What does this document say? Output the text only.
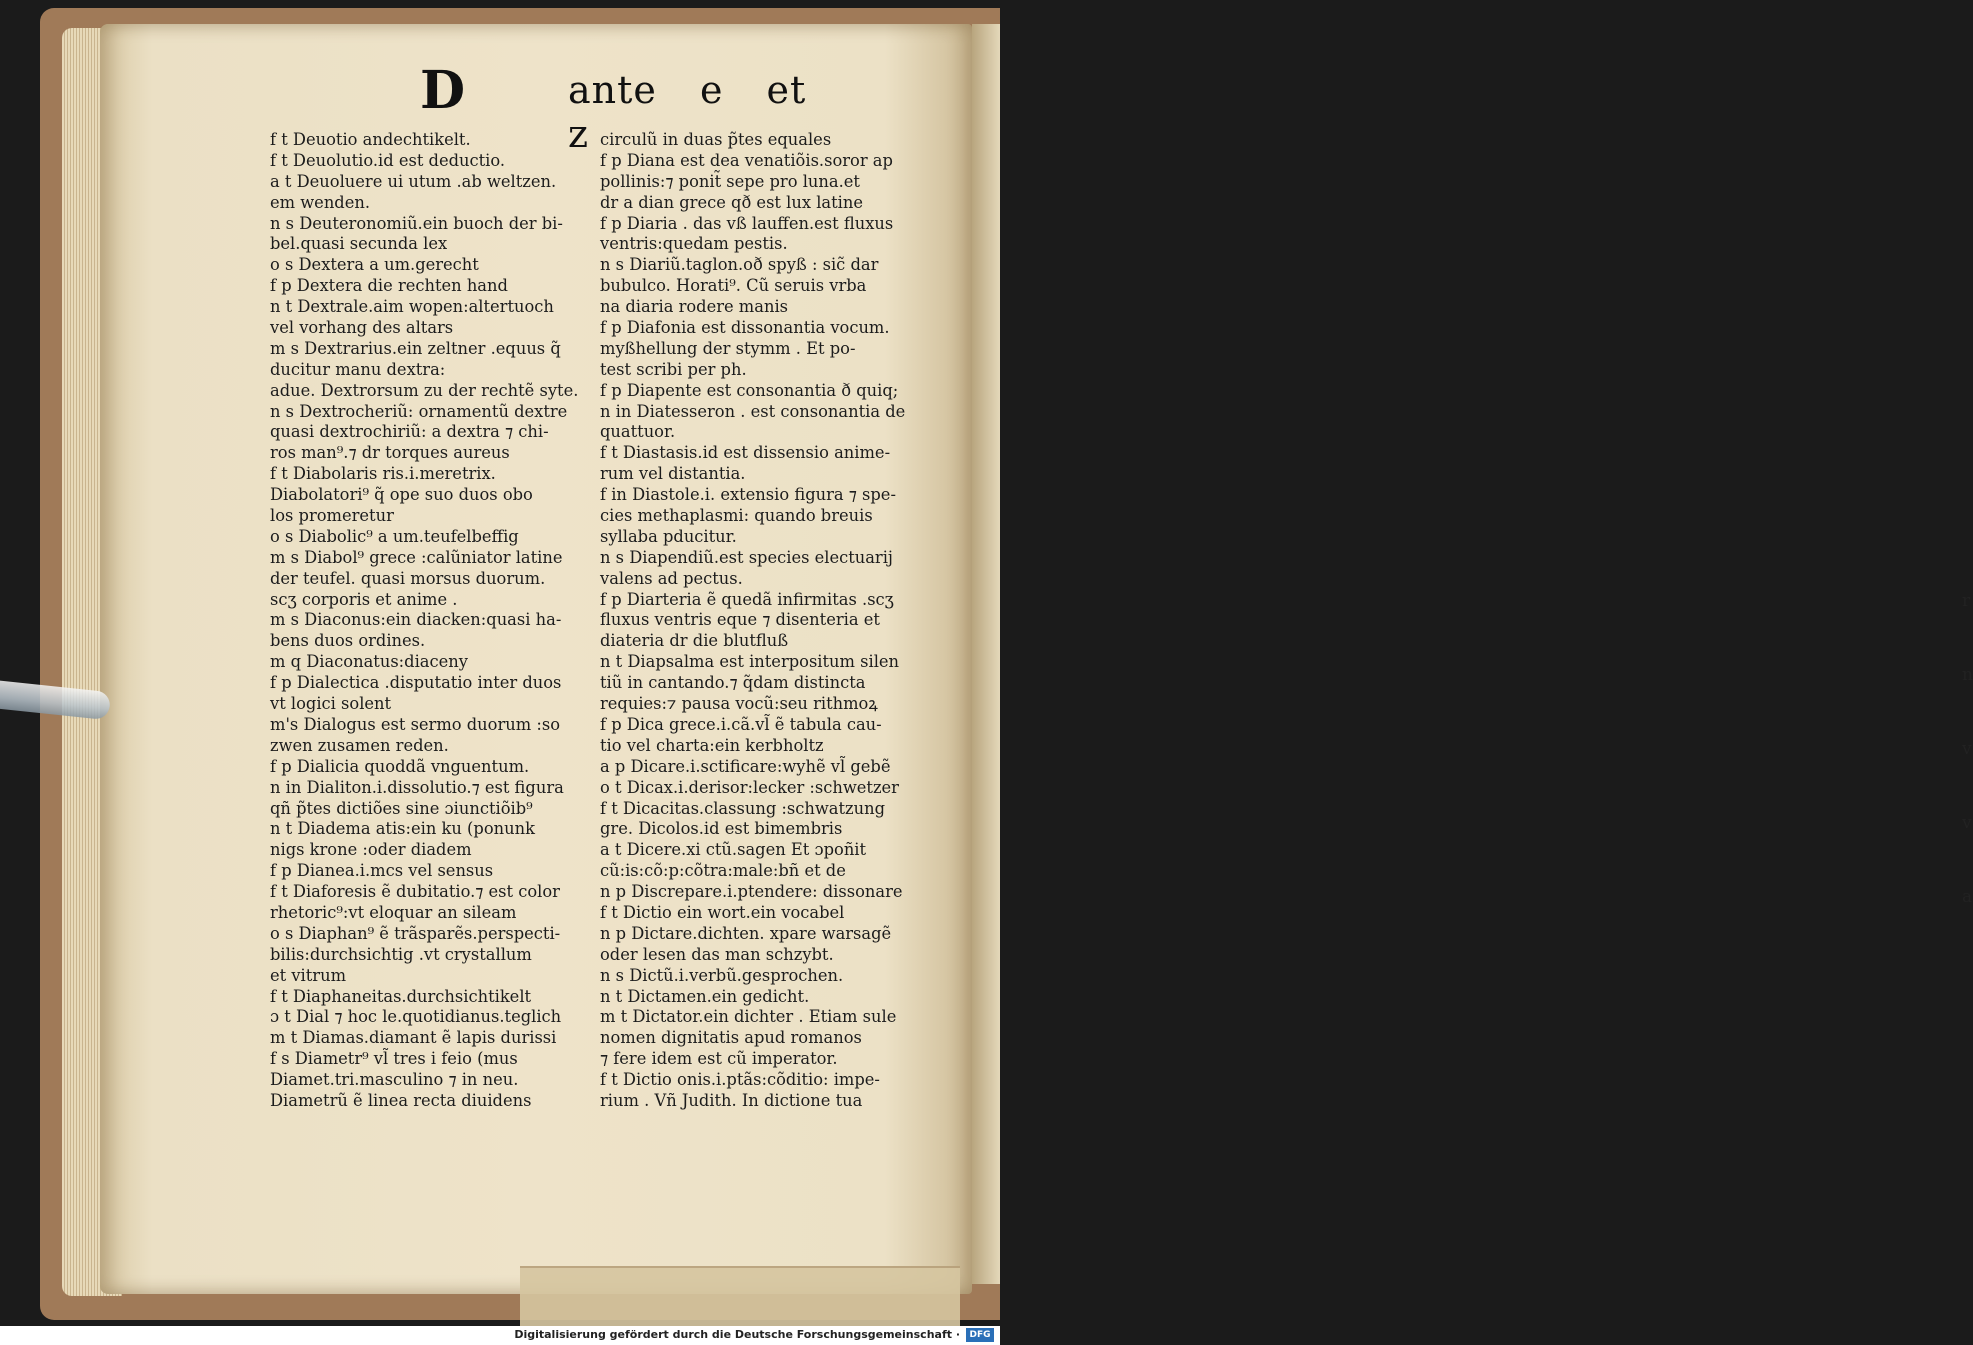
r
n
v
v
a
D	ante e et z
f t Deuotio andechtikelt.
f t Deuolutio.id est deductio.
a t Deuoluere ui utum .ab weltzen.
em wenden.
n s Deuteronomiũ.ein buoch der bi-
bel.quasi secunda lex
o s Dextera a um.gerecht
f p Dextera die rechten hand
n t Dextrale.aim wopen:altertuoch
vel vorhang des altars
m s Dextrarius.ein zeltner .equus q̃
ducitur manu dextra:
adue. Dextrorsum zu der rechtẽ syte.
n s Dextrocheriũ: ornamentũ dextre
quasi dextrochiriũ: a dextra ⁊ chi-
ros man⁹.⁊ dr torques aureus
f t Diabolaris ris.i.meretrix.
Diabolatori⁹ q̃ ope suo duos obo
los promeretur
o s Diabolic⁹ a um.teufelbeffig
m s Diabol⁹ grece :calũniator latine
der teufel. quasi morsus duorum.
scʒ corporis et anime .
m s Diaconus:ein diacken:quasi ha-
bens duos ordines.
m q Diaconatus:diaceny
f p Dialectica .disputatio inter duos
vt logici solent
m's Dialogus est sermo duorum :so
zwen zusamen reden.
f p Dialicia quoddã vnguentum.
n in Dialiton.i.dissolutio.⁊ est figura
qñ p̃tes dictiões sine ɔiunctiõib⁹
n t Diadema atis:ein ku (ponunk
nigs krone :oder diadem
f p Dianea.i.mcs vel sensus
f t Diaforesis ẽ dubitatio.⁊ est color
rhetoric⁹:vt eloquar an sileam
o s Diaphan⁹ ẽ trãsparẽs.perspecti-
bilis:durchsichtig .vt crystallum
et vitrum
f t Diaphaneitas.durchsichtikelt
ɔ t Dial ⁊ hoc le.quotidianus.teglich
m t Diamas.diamant ẽ lapis durissi
f s Diametr⁹ vl̃ tres i feio (mus
Diamet.tri.masculino ⁊ in neu.
Diametrũ ẽ linea recta diuidens
circulũ in duas p̃tes equales
f p Diana est dea venatiõis.soror ap
pollinis:⁊ ponit̃ sepe pro luna.et
dr a dian grece qð est lux latine
f p Diaria . das vß lauffen.est fluxus
ventris:quedam pestis.
n s Diariũ.taglon.oð spyß : sic̃ dar
bubulco. Horati⁹. Cũ seruis vrba
na diaria rodere manis
f p Diafonia est dissonantia vocum.
myßhellung der stymm . Et po-
test scribi per ph.
f p Diapente est consonantia ð quiq;
n in Diatesseron . est consonantia de
quattuor.
f t Diastasis.id est dissensio anime-
rum vel distantia.
f in Diastole.i. extensio figura ⁊ spe-
cies methaplasmi: quando breuis
syllaba pducitur.
n s Diapendiũ.est species electuarij
valens ad pectus.
f p Diarteria ẽ quedã infirmitas .scʒ
fluxus ventris eque ⁊ disenteria et
diateria dr die blutfluß
n t Diapsalma est interpositum silen
tiũ in cantando.⁊ q̃dam distincta
requies:⁊ pausa vocũ:seu rithmoꝝ
f p Dica grece.i.cã.vl̃ ẽ tabula cau-
tio vel charta:ein kerbholtz
a p Dicare.i.sctificare:wyhẽ vl̃ gebẽ
o t Dicax.i.derisor:lecker :schwetzer
f t Dicacitas.classung :schwatzung
gre. Dicolos.id est bimembris
a t Dicere.xi ctũ.sagen Et ɔpoñit
cũ:is:cõ:p:cõtra:male:bñ et de
n p Discrepare.i.ptendere: dissonare
f t Dictio ein wort.ein vocabel
n p Dictare.dichten. xpare warsagẽ
oder lesen das man schzybt.
n s Dictũ.i.verbũ.gesprochen.
n t Dictamen.ein gedicht.
m t Dictator.ein dichter . Etiam sule
nomen dignitatis apud romanos
⁊ fere idem est cũ imperator.
f t Dictio onis.i.ptãs:cõditio: impe-
rium . Vñ Judith. In dictione tua
Digitalisierung gefördert durch die Deutsche Forschungsgemeinschaft ·	DFG
